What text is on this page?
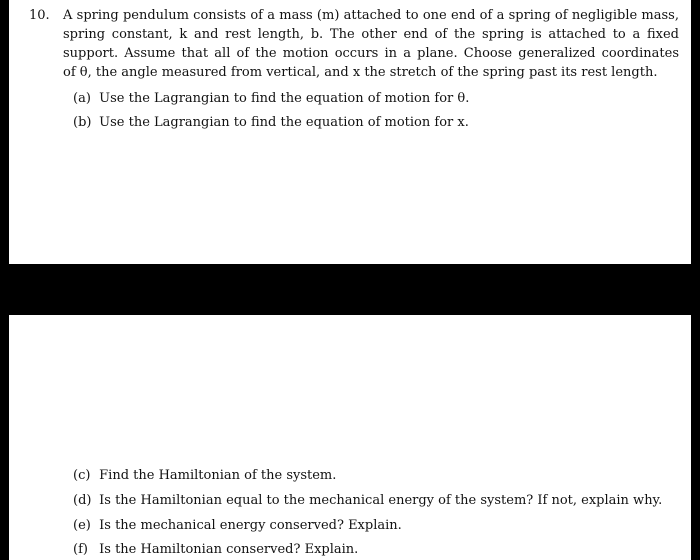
10. A spring pendulum consists of a mass (m) attached to one end of a spring of negligible mass,
spring constant, k and rest length, b. The other end of the spring is attached to a fixed
support. Assume that all of the motion occurs in a plane. Choose generalized coordinates
of θ, the angle measured from vertical, and x the stretch of the spring past its rest length.
(a) Use the Lagrangian to find the equation of motion for θ.
(b) Use the Lagrangian to find the equation of motion for x.
(c) Find the Hamiltonian of the system.
(d) Is the Hamiltonian equal to the mechanical energy of the system? If not, explain why.
(e) Is the mechanical energy conserved? Explain.
(f) Is the Hamiltonian conserved? Explain.
